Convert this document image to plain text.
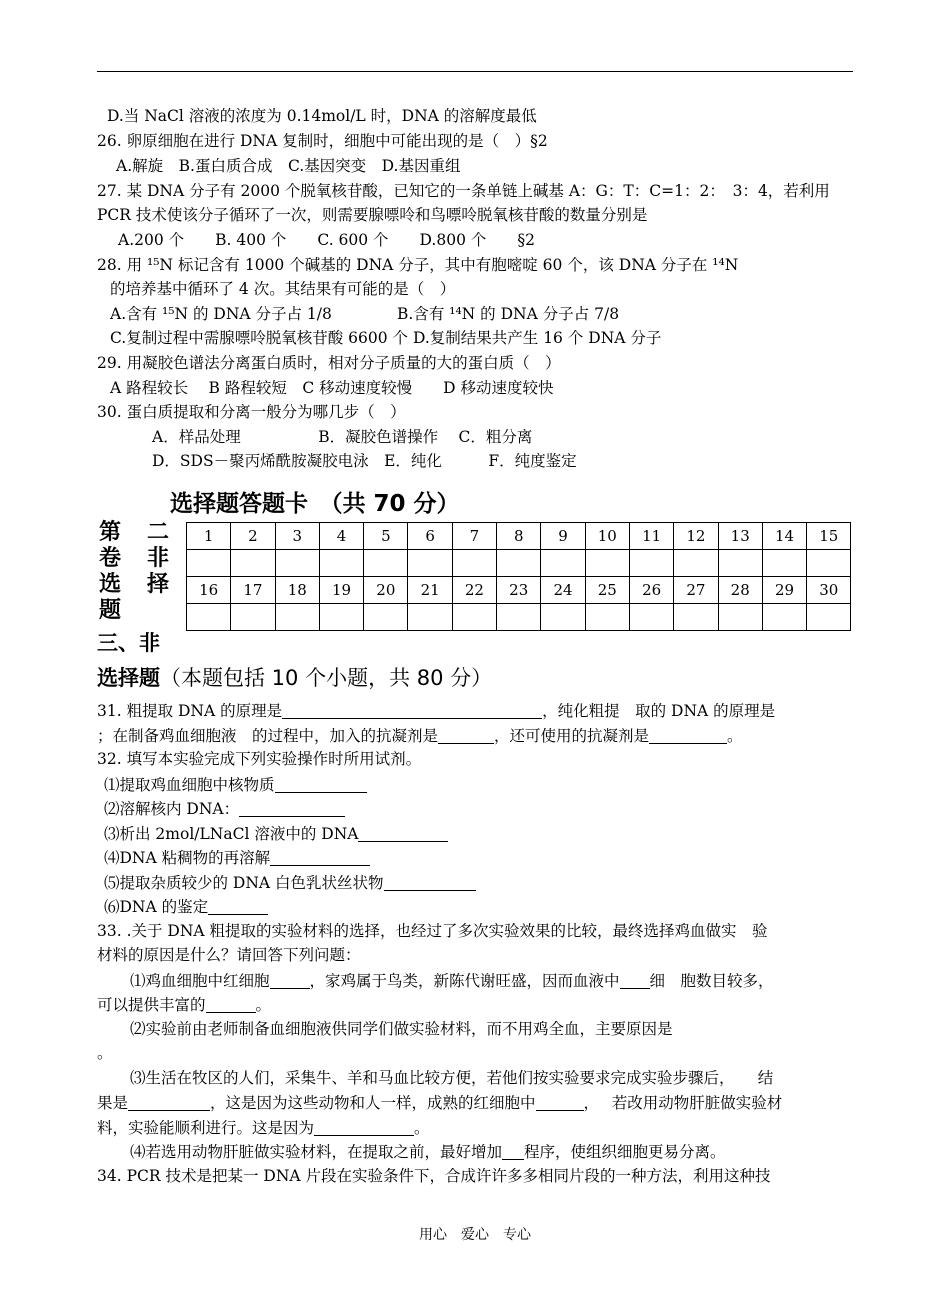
D.当 NaCl 溶液的浓度为 0.14mol/L 时，DNA 的溶解度最低
26. 卵原细胞在进行 DNA 复制时，细胞中可能出现的是（　）§2
A.解旋　B.蛋白质合成　C.基因突变　D.基因重组
27. 某 DNA 分子有 2000 个脱氧核苷酸，已知它的一条单链上碱基 A：G：T：C=1：2：　3：4，若利用
PCR 技术使该分子循环了一次，则需要腺嘌呤和鸟嘌呤脱氧核苷酸的数量分别是
A.200 个　　B. 400 个　　C. 600 个　　D.800 个　　§2
28. 用 ¹⁵N 标记含有 1000 个碱基的 DNA 分子，其中有胞嘧啶 60 个，该 DNA 分子在 ¹⁴N
的培养基中循环了 4 次。其结果有可能的是（　）
A.含有 ¹⁵N 的 DNA 分子占 1/8	B.含有 ¹⁴N 的 DNA 分子占 7/8
C.复制过程中需腺嘌呤脱氧核苷酸 6600 个 D.复制结果共产生 16 个 DNA 分子
29. 用凝胶色谱法分离蛋白质时，相对分子质量的大的蛋白质（　）
A 路程较长　 B 路程较短　C 移动速度较慢　　D 移动速度较快
30. 蛋白质提取和分离一般分为哪几步（　）
A．样品处理　　　　　B．凝胶色谱操作　 C．粗分离
D．SDS－聚丙烯酰胺凝胶电泳　E．纯化　　　F．纯度鉴定
选择题答题卡　（共 70 分）
第
卷
选
题
二
非
择
1	2	3	4	5	6	7	8	9	10	11	12	13	14	15

16	17	18	19	20	21	22	23	24	25	26	27	28	29	30

三、非
选择题（本题包括 10 个小题，共 80 分）
31. 粗提取 DNA 的原理是	，纯化粗提　取的 DNA 的原理是
；在制备鸡血细胞液　的过程中，加入的抗凝剂是	，还可使用的抗凝剂是	。
32. 填写本实验完成下列实验操作时所用试剂。
⑴提取鸡血细胞中核物质
⑵溶解核内 DNA：
⑶析出 2mol/LNaCl 溶液中的 DNA
⑷DNA 粘稠物的再溶解
⑸提取杂质较少的 DNA 白色乳状丝状物
⑹DNA 的鉴定
33. .关于 DNA 粗提取的实验材料的选择，也经过了多次实验效果的比较，最终选择鸡血做实　验
材料的原因是什么？请回答下列问题：
⑴鸡血细胞中红细胞	，家鸡属于鸟类，新陈代谢旺盛，因而血液中 细　胞数目较多，
可以提供丰富的	。
⑵实验前由老师制备血细胞液供同学们做实验材料，而不用鸡全血，主要原因是
。
⑶生活在牧区的人们，采集牛、羊和马血比较方便，若他们按实验要求完成实验步骤后，　　结
果是	，这是因为这些动物和人一样，成熟的红细胞中	，　 若改用动物肝脏做实验材
料，实验能顺利进行。这是因为	。
⑷若选用动物肝脏做实验材料，在提取之前，最好增加 程序，使组织细胞更易分离。
34. PCR 技术是把某一 DNA 片段在实验条件下，合成许许多多相同片段的一种方法，利用这种技
用心　爱心　专心
